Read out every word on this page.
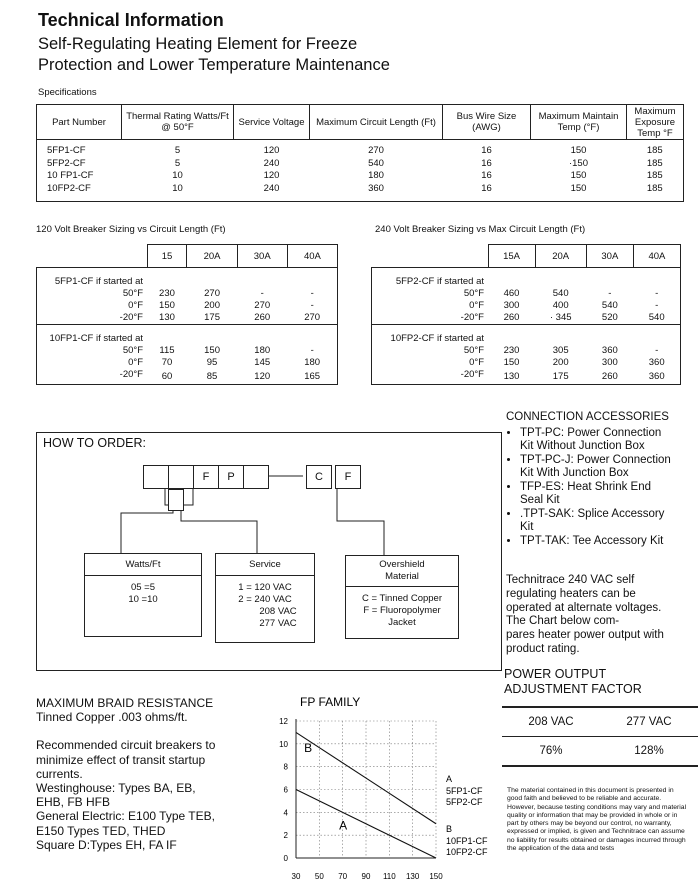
Technical Information
Self-Regulating Heating Element for Freeze
Protection and Lower Temperature Maintenance
Specifications
Part Number	Thermal Rating Watts/Ft @ 50°F	Service Voltage	Maximum Circuit Length (Ft)	Bus Wire Size (AWG)	Maximum Maintain Temp (°F)	Maximum Exposure Temp °F
5FP1-CF	5	120	270	16	150	185
5FP2-CF	5	240	540	16	·150	185
10 FP1-CF	10	120	180	16	150	185
10FP2-CF	10	240	360	16	150	185
120 Volt Breaker Sizing vs Circuit Length (Ft)
	15	20A	30A	40A
5FP1-CF if started at				
50°F	230	270	-	-
0°F	150	200	270	-
-20°F	130	175	260	270
10FP1-CF if started at				
50°F	115	150	180	-
0°F	70	95	145	180
-20°F	60	85	120	165
240 Volt Breaker Sizing vs Max Circuit Length (Ft)
	15A	20A	30A	40A
5FP2-CF if started at				
50°F	460	540	-	-
0°F	300	400	540	-
-20°F	260	· 345	520	540
10FP2-CF if started at				
50°F	230	305	360	-
0°F	150	200	300	360
-20°F	130	175	260	360
HOW TO ORDER:
F	P	C	F
Watts/Ft
05 =5
10 =10
Service
1 = 120 VAC
2 = 240 VAC
208 VAC
277 VAC
Overshield
Material
C = Tinned Copper
F = Fluoropolymer
Jacket
CONNECTION ACCESSORIES
• TPT-PC: Power Connection
Kit Without Junction Box
• TPT-PC-J: Power Connection
Kit With Junction Box
• TFP-ES: Heat Shrink End
Seal Kit
• .TPT-SAK: Splice Accessory
Kit
• TPT-TAK: Tee Accessory Kit
Technitrace 240 VAC self
regulating heaters can be
operated at alternate voltages.
The Chart below com-
pares heater power output with
product rating.
POWER OUTPUT
ADJUSTMENT FACTOR
208 VAC	277 VAC
76%	128%
MAXIMUM BRAID RESISTANCE
Tinned Copper .003 ohms/ft.
Recommended circuit breakers to
minimize effect of transit startup
currents.
Westinghouse: Types BA, EB,
EHB, FB HFB
General Electric: E100 Type TEB,
E150 Types TED, THED
Square D:Types EH, FA IF
FP FAMILY
30 50 70 90 110 130 150
0
2
4
6
8
10
12
B
A
A
5FP1-CF
5FP2-CF
B
10FP1-CF
10FP2-CF
The material contained in this document is presented in good faith and believed to be reliable and accurate. However, because testing conditions may vary and material quality or information that may be provided in whole or in part by others may be beyond our control, no warranty, expressed or implied, is given and Technitrace can assume no liability for results obtained or damages incurred through the application of the data and tests
